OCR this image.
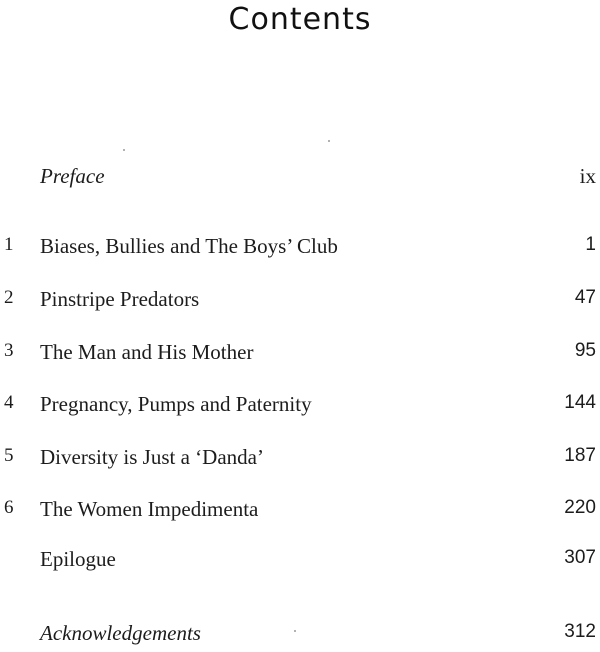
Contents
Preface	ix
1	Biases, Bullies and The Boys’ Club	1
2	Pinstripe Predators	47
3	The Man and His Mother	95
4	Pregnancy, Pumps and Paternity	144
5	Diversity is Just a ‘Danda’	187
6	The Women Impedimenta	220
Epilogue	307
Acknowledgements	312
